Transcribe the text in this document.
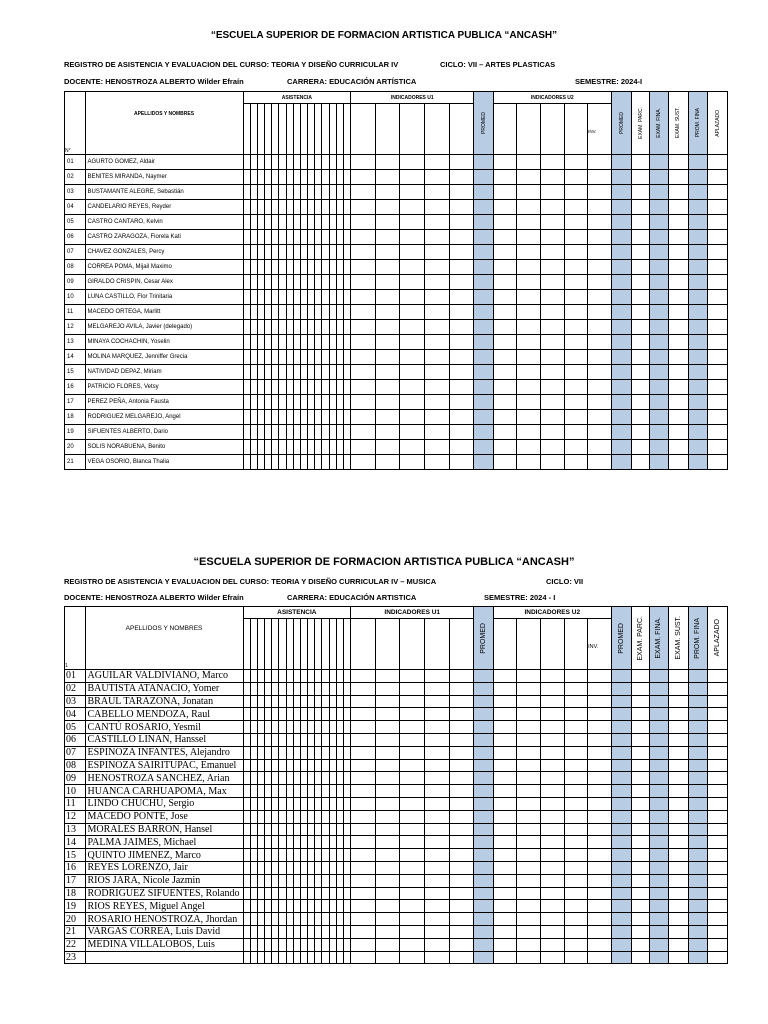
“ESCUELA SUPERIOR DE FORMACION ARTISTICA PUBLICA “ANCASH”
REGISTRO DE ASISTENCIA Y EVALUACION DEL CURSO: TEORIA Y DISEÑO CURRICULAR IV	CICLO: VII – ARTES PLASTICAS
DOCENTE: HENOSTROZA ALBERTO Wilder Efraín	CARRERA: EDUCACIÓN ARTÍSTICA	SEMESTRE: 2024-I
N°	APELLIDOS Y NOMBRES	ASISTENCIA															INDICADORES U1					PROMED	INDICADORES U2					PROMED	EXAM. PARC.	EXAM. FINA.	EXAM. SUST.	PROM. FINA	APLAZADO

																											INV.						
01	AGURTO GOMEZ, Aldair																																
02	BENITES MIRANDA, Naymer																																
03	BUSTAMANTE ALEGRE, Sebastián																																
04	CANDELARIO REYES, Reyder																																
05	CASTRO CANTARO, Kelvin																																
06	CASTRO ZARAGOZA, Fiorela Kati																																
07	CHAVEZ GONZALES, Percy																																
08	CORREA POMA, Mijail Maximo																																
09	GIRALDO CRISPIN, Cesar Alex																																
10	LUNA CASTILLO, Flor Trinitaria																																
11	MACEDO ORTEGA, Marlitt																																
12	MELGAREJO AVILA, Javier (delegado)																																
13	MINAYA COCHACHIN, Yoselin																																
14	MOLINA MARQUEZ, Jenniffer Grecia																																
15	NATIVIDAD DEPAZ, Miriam																																
16	PATRICIO FLORES, Vetsy																																
17	PEREZ PEÑA, Antonia Fausta																																
18	RODRIGUEZ MELGAREJO, Angel																																
19	SIFUENTES ALBERTO, Dario																																
20	SOLIS NORABUENA, Benito																																
21	VEGA OSORIO, Blanca Thalia																																
“ESCUELA SUPERIOR DE FORMACION ARTISTICA PUBLICA “ANCASH”
REGISTRO DE ASISTENCIA Y EVALUACION DEL CURSO: TEORIA Y DISEÑO CURRICULAR IV – MUSICA	CICLO: VII
DOCENTE: HENOSTROZA ALBERTO Wilder Efraín	CARRERA: EDUCACIÓN ARTISTICA	SEMESTRE: 2024 - I
1	APELLIDOS Y NOMBRES	ASISTENCIA															INDICADORES U1					PROMED	INDICADORES U2					PROMED	EXAM. PARC.	EXAM. FINA.	EXAM. SUST.	PROM. FINA	APLAZADO

																											INV.						
01	AGUILAR VALDIVIANO, Marco																																
02	BAUTISTA ATANACIO, Yomer																																
03	BRAUL TARAZONA, Jonatan																																
04	CABELLO MENDOZA, Raul																																
05	CANTÚ ROSARIO, Yesmil																																
06	CASTILLO LINAN, Hanssel																																
07	ESPINOZA INFANTES, Alejandro																																
08	ESPINOZA SAIRITUPAC, Emanuel																																
09	HENOSTROZA SANCHEZ, Arian																																
10	HUANCA CARHUAPOMA, Max																																
11	LINDO CHUCHU, Sergio																																
12	MACEDO PONTE, Jose																																
13	MORALES BARRON, Hansel																																
14	PALMA JAIMES, Michael																																
15	QUINTO JIMENEZ, Marco																																
16	REYES LORENZO, Jair																																
17	RIOS JARA, Nicole Jazmin																																
18	RODRIGUEZ SIFUENTES, Rolando																																
19	RIOS REYES, Miguel Angel																																
20	ROSARIO HENOSTROZA, Jhordan																																
21	VARGAS CORREA, Luis David																																
22	MEDINA VILLALOBOS, Luis																																
23																																	
